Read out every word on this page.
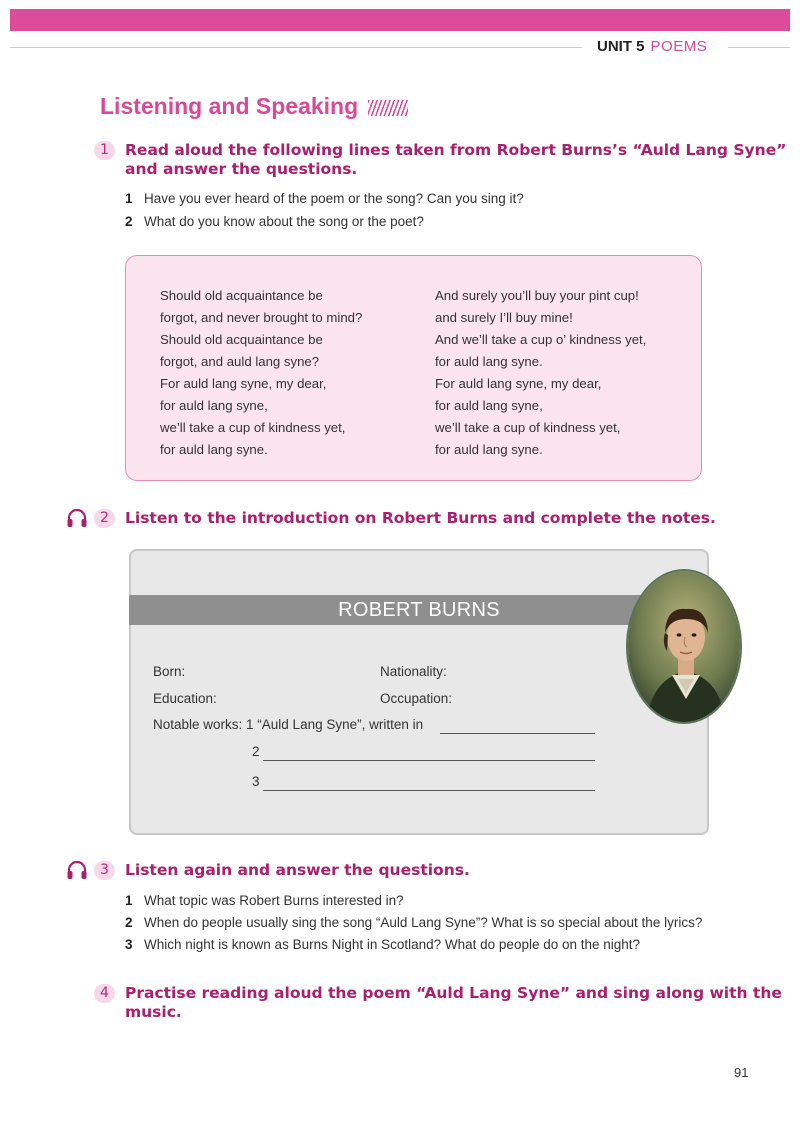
UNIT 5 POEMS
Listening and Speaking
1	Read aloud the following lines taken from Robert Burns’s “Auld Lang Syne”
and answer the questions.
1 Have you ever heard of the poem or the song? Can you sing it?
2 What do you know about the song or the poet?
Should old acquaintance be
forgot, and never brought to mind?
Should old acquaintance be
forgot, and auld lang syne?
For auld lang syne, my dear,
for auld lang syne,
we’ll take a cup of kindness yet,
for auld lang syne.
And surely you’ll buy your pint cup!
and surely I’ll buy mine!
And we’ll take a cup o’ kindness yet,
for auld lang syne.
For auld lang syne, my dear,
for auld lang syne,
we’ll take a cup of kindness yet,
for auld lang syne.
2	Listen to the introduction on Robert Burns and complete the notes.
ROBERT BURNS
Born:	Nationality:
Education:	Occupation:
Notable works: 1 “Auld Lang Syne”, written in
2
3
3	Listen again and answer the questions.
1 What topic was Robert Burns interested in?
2 When do people usually sing the song “Auld Lang Syne”? What is so special about the lyrics?
3 Which night is known as Burns Night in Scotland? What do people do on the night?
4	Practise reading aloud the poem “Auld Lang Syne” and sing along with the
music.
91
